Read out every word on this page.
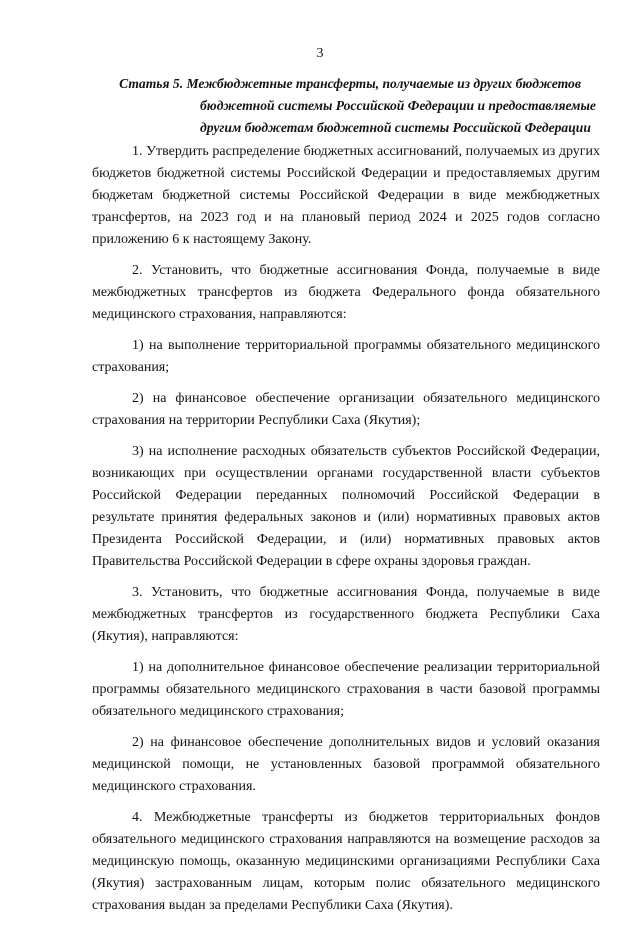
3

Статья 5. Межбюджетные трансферты, получаемые из других бюджетов

бюджетной системы Российской Федерации и предоставляемые

другим бюджетам бюджетной системы Российской Федерации

1. Утвердить распределение бюджетных ассигнований, получаемых из других бюджетов бюджетной системы Российской Федерации и предоставляемых другим бюджетам бюджетной системы Российской Федерации в виде межбюджетных трансфертов, на 2023 год и на плановый период 2024 и 2025 годов согласно приложению 6 к настоящему Закону.

2. Установить, что бюджетные ассигнования Фонда, получаемые в виде межбюджетных трансфертов из бюджета Федерального фонда обязательного медицинского страхования, направляются:

1) на выполнение территориальной программы обязательного медицинского страхования;

2) на финансовое обеспечение организации обязательного медицинского страхования на территории Республики Саха (Якутия);

3) на исполнение расходных обязательств субъектов Российской Федерации, возникающих при осуществлении органами государственной власти субъектов Российской Федерации переданных полномочий Российской Федерации в результате принятия федеральных законов и (или) нормативных правовых актов Президента Российской Федерации, и (или) нормативных правовых актов Правительства Российской Федерации в сфере охраны здоровья граждан.

3. Установить, что бюджетные ассигнования Фонда, получаемые в виде межбюджетных трансфертов из государственного бюджета Республики Саха (Якутия), направляются:

1) на дополнительное финансовое обеспечение реализации территориальной программы обязательного медицинского страхования в части базовой программы обязательного медицинского страхования;

2) на финансовое обеспечение дополнительных видов и условий оказания медицинской помощи, не установленных базовой программой обязательного медицинского страхования.

4. Межбюджетные трансферты из бюджетов территориальных фондов обязательного медицинского страхования направляются на возмещение расходов за медицинскую помощь, оказанную медицинскими организациями Республики Саха (Якутия) застрахованным лицам, которым полис обязательного медицинского страхования выдан за пределами Республики Саха (Якутия).
